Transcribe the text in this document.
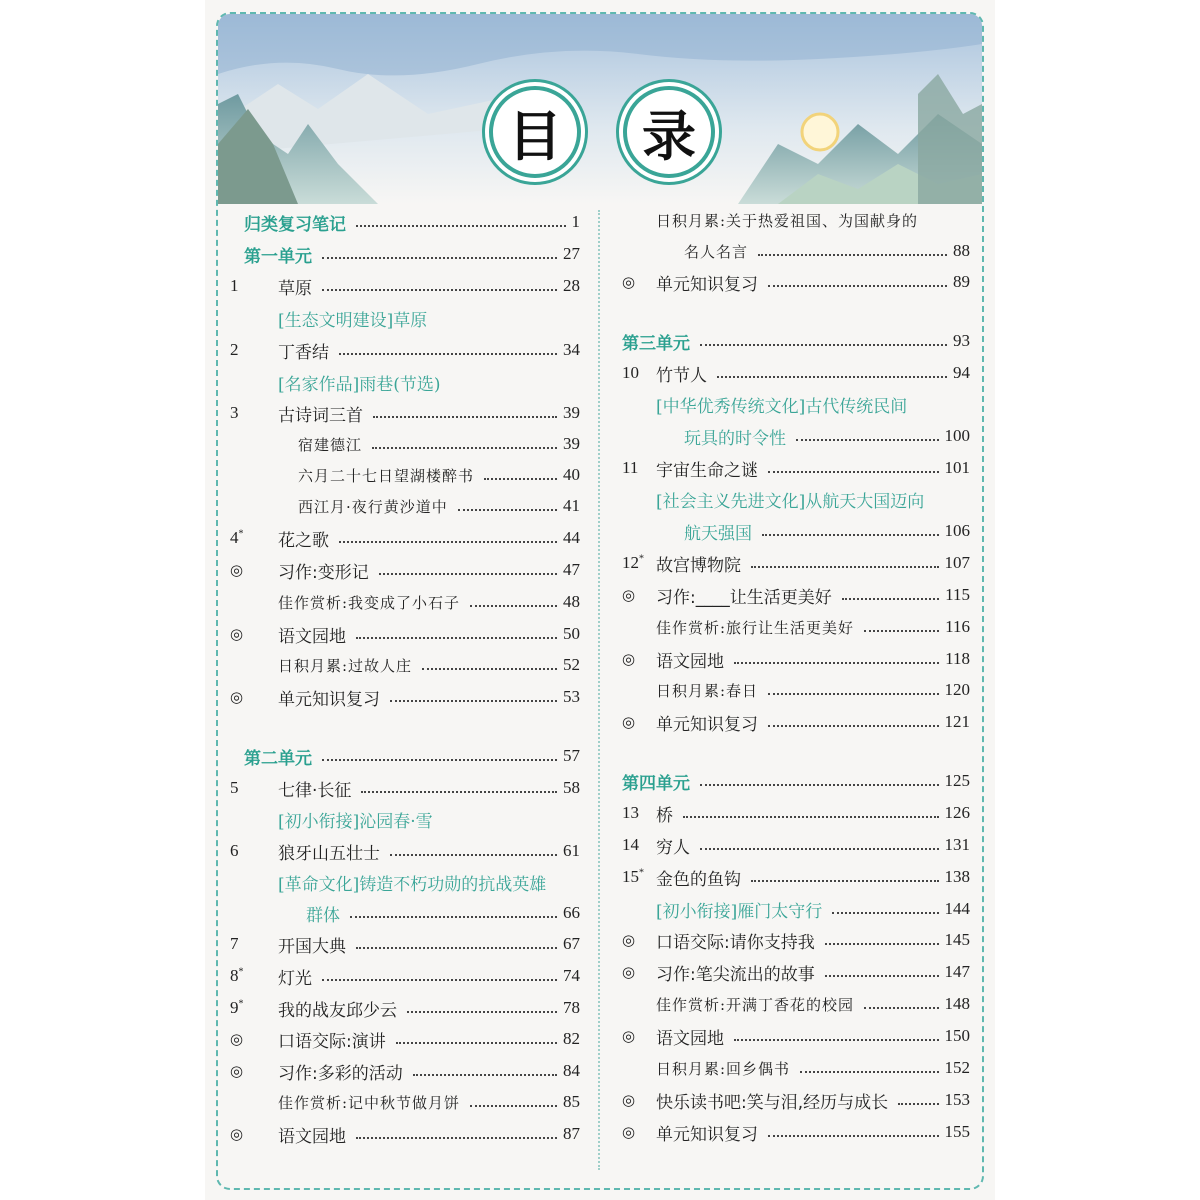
目	录
归类复习笔记	1
第一单元	27
1 草原	28
[生态文明建设]草原
2 丁香结	34
[名家作品]雨巷(节选)
3 古诗词三首	39
宿建德江	39
六月二十七日望湖楼醉书	40
西江月·夜行黄沙道中	41
4* 花之歌	44
◎ 习作:变形记	47
佳作赏析:我变成了小石子	48
◎ 语文园地	50
日积月累:过故人庄	52
◎ 单元知识复习	53
第二单元	57
5 七律·长征	58
[初小衔接]沁园春·雪
6 狼牙山五壮士	61
[革命文化]铸造不朽功勋的抗战英雄
群体	66
7 开国大典	67
8* 灯光	74
9* 我的战友邱少云	78
◎ 口语交际:演讲	82
◎ 习作:多彩的活动	84
佳作赏析:记中秋节做月饼	85
◎ 语文园地	87
日积月累:关于热爱祖国、为国献身的
名人名言	88
◎ 单元知识复习	89
第三单元	93
10 竹节人	94
[中华优秀传统文化]古代传统民间
玩具的时令性	100
11 宇宙生命之谜	101
[社会主义先进文化]从航天大国迈向
航天强国	106
12* 故宫博物院	107
◎ 习作:____让生活更美好	115
佳作赏析:旅行让生活更美好	116
◎ 语文园地	118
日积月累:春日	120
◎ 单元知识复习	121
第四单元	125
13 桥	126
14 穷人	131
15* 金色的鱼钩	138
[初小衔接]雁门太守行	144
◎ 口语交际:请你支持我	145
◎ 习作:笔尖流出的故事	147
佳作赏析:开满丁香花的校园	148
◎ 语文园地	150
日积月累:回乡偶书	152
◎ 快乐读书吧:笑与泪,经历与成长	153
◎ 单元知识复习	155
